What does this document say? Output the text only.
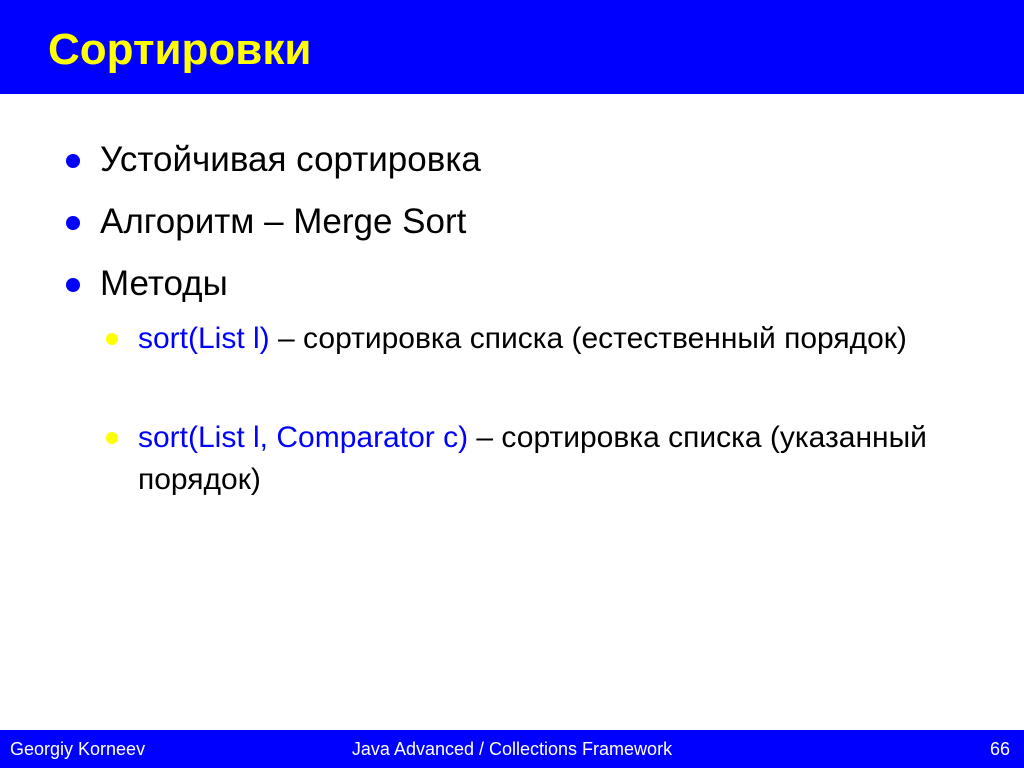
Сортировки
Устойчивая сортировка
Алгоритм – Merge Sort
Методы
sort(List l) – сортировка списка (естественный порядок)
sort(List l, Comparator c) – сортировка списка (указанный порядок)
Java Advanced / Collections Framework
Georgiy Korneev	66
